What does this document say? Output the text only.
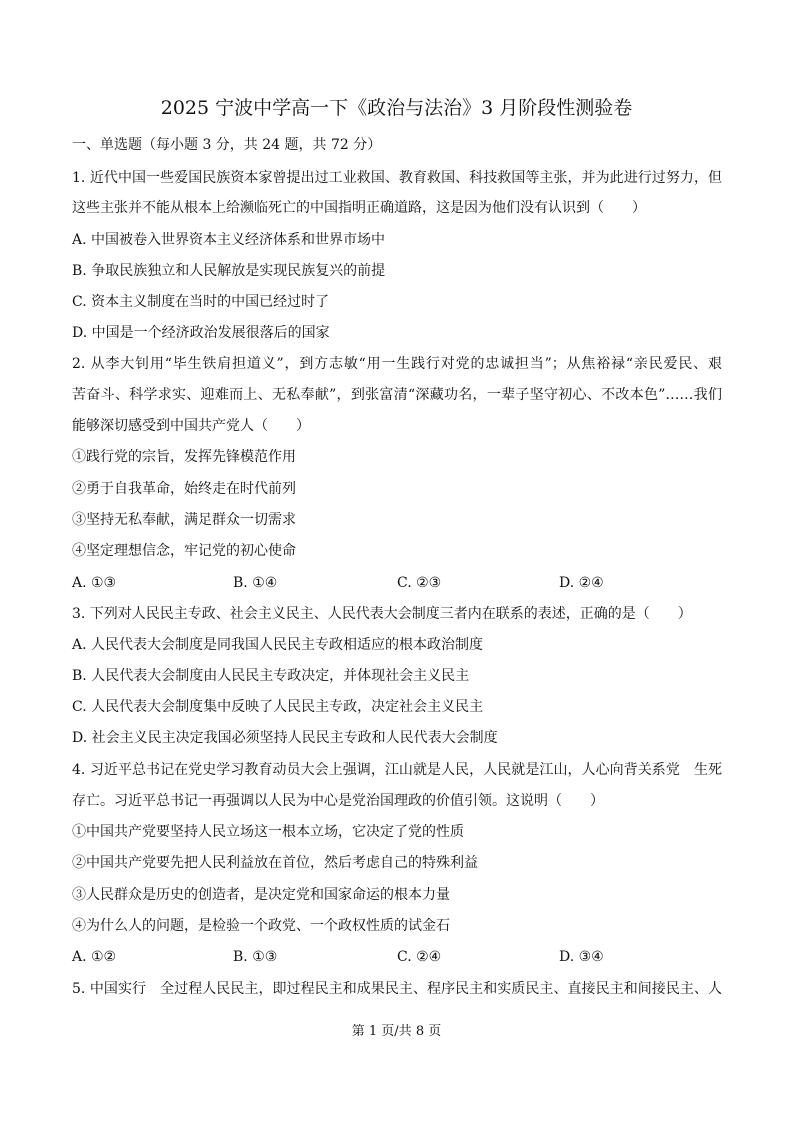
2025 宁波中学高一下《政治与法治》3 月阶段性测验卷
一、单选题（每小题 3 分，共 24 题，共 72 分）
1. 近代中国一些爱国民族资本家曾提出过工业救国、教育救国、科技救国等主张，并为此进行过努力，但
这些主张并不能从根本上给濒临死亡的中国指明正确道路，这是因为他们没有认识到（　　）
A. 中国被卷入世界资本主义经济体系和世界市场中
B. 争取民族独立和人民解放是实现民族复兴的前提
C. 资本主义制度在当时的中国已经过时了
D. 中国是一个经济政治发展很落后的国家
2. 从李大钊用“毕生铁肩担道义”，到方志敏“用一生践行对党的忠诚担当”；从焦裕禄“亲民爱民、艰
苦奋斗、科学求实、迎难而上、无私奉献”，到张富清“深藏功名，一辈子坚守初心、不改本色”……我们
能够深切感受到中国共产党人（　　）
①践行党的宗旨，发挥先锋模范作用
②勇于自我革命，始终走在时代前列
③坚持无私奉献，满足群众一切需求
④坚定理想信念，牢记党的初心使命
A. ①③	B. ①④	C. ②③	D. ②④
3. 下列对人民民主专政、社会主义民主、人民代表大会制度三者内在联系的表述，正确的是（　　）
A. 人民代表大会制度是同我国人民民主专政相适应的根本政治制度
B. 人民代表大会制度由人民民主专政决定，并体现社会主义民主
C. 人民代表大会制度集中反映了人民民主专政，决定社会主义民主
D. 社会主义民主决定我国必须坚持人民民主专政和人民代表大会制度
4. 习近平总书记在党史学习教育动员大会上强调，江山就是人民，人民就是江山，人心向背关系党　生死
存亡。习近平总书记一再强调以人民为中心是党治国理政的价值引领。这说明（　　）
①中国共产党要坚持人民立场这一根本立场，它决定了党的性质
②中国共产党要先把人民利益放在首位，然后考虑自己的特殊利益
③人民群众是历史的创造者，是决定党和国家命运的根本力量
④为什么人的问题，是检验一个政党、一个政权性质的试金石
A. ①②	B. ①③	C. ②④	D. ③④
5. 中国实行　全过程人民民主，即过程民主和成果民主、程序民主和实质民主、直接民主和间接民主、人
第 1 页/共 8 页
